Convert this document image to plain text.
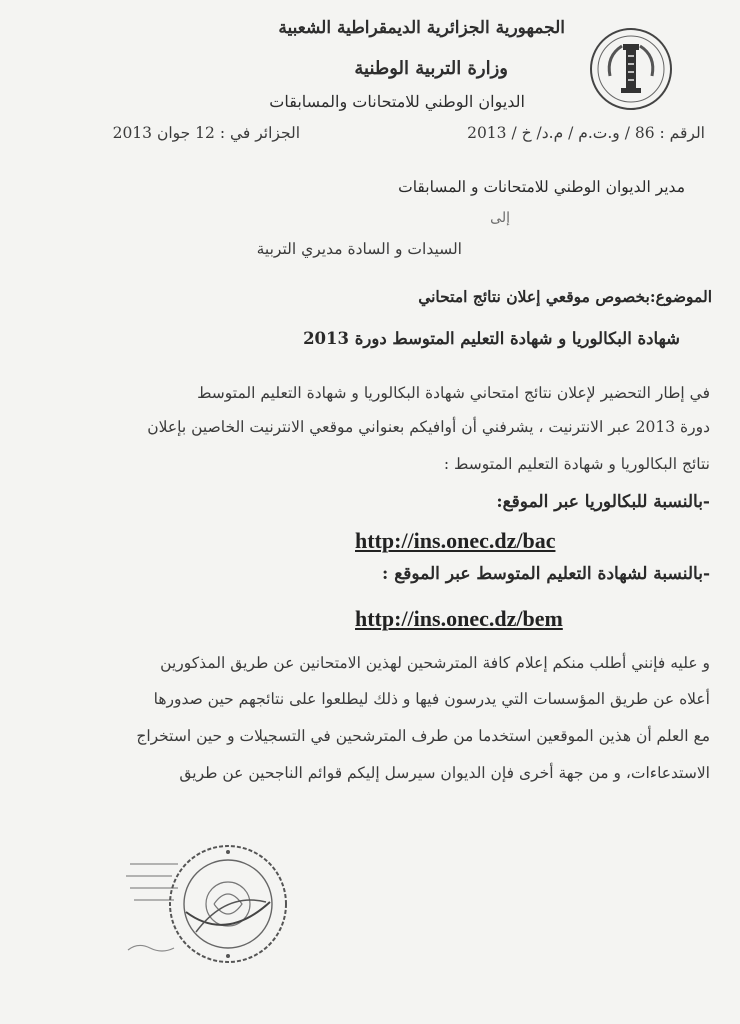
الجمهورية الجزائرية الديمقراطية الشعبية
وزارة التربية الوطنية
الديوان الوطني للامتحانات والمسابقات
الرقم : 86 / و.ت.م / م.د/ خ / 2013
الجزائر في : 12 جوان 2013
مدير الديوان الوطني للامتحانات و المسابقات
إلى
السيدات و السادة مديري التربية
الموضوع:بخصوص موقعي إعلان نتائج امتحاني
شهادة البكالوريا و شهادة التعليم المتوسط دورة 2013
في إطار التحضير لإعلان نتائج امتحاني شهادة البكالوريا و شهادة التعليم المتوسط
دورة 2013 عبر الانترنيت ، يشرفني أن أوافيكم بعنواني موقعي الانترنيت الخاصين بإعلان
نتائج البكالوريا و شهادة التعليم المتوسط :
-بالنسبة للبكالوريا عبر الموقع:
http://ins.onec.dz/bac
-بالنسبة لشهادة التعليم المتوسط عبر الموقع :
http://ins.onec.dz/bem
و عليه فإنني أطلب منكم إعلام كافة المترشحين لهذين الامتحانين عن طريق المذكورين
أعلاه عن طريق المؤسسات التي يدرسون فيها و ذلك ليطلعوا على نتائجهم حين صدورها
مع العلم أن هذين الموقعين استخدما من طرف المترشحين في التسجيلات و حين استخراج
الاستدعاءات، و من جهة أخرى فإن الديوان سيرسل إليكم قوائم الناجحين عن طريق
